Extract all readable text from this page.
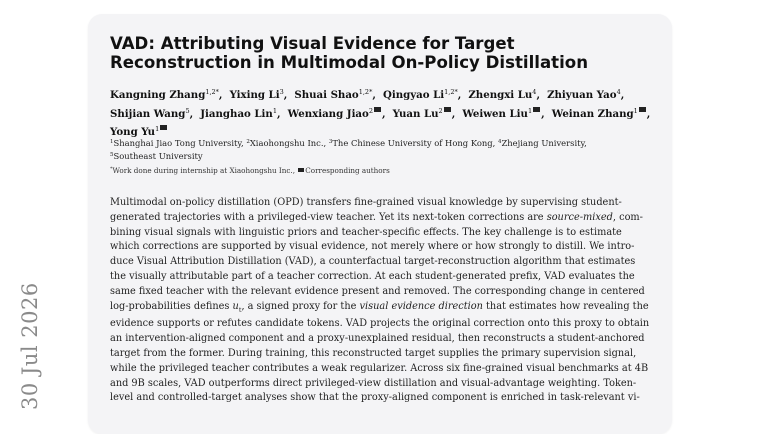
30 Jul 2026
VAD: Attributing Visual Evidence for Target
Reconstruction in Multimodal On-Policy Distillation
Kangning Zhang$^{1,2*}$,  Yixing Li$^3$,  Shuai Shao$^{1,2*}$,  Qingyao $Li^{1,2*}$,  Zhengxi Lu$^4$,  Zhiyuan Yao$^4$,
Shijian Wang$^5$,  Jianghao Lin$^1$,  Wenxiang Jiao$^2$ ,  Yuan Lu$^2$ ,  Weiwen Liu$^1$ ,  Weinan Zhang$^1$ ,
Yong Yu$^1$
$^1$Shanghai Jiao Tong University, $^2$Xiaohongshu Inc., $^3$The Chinese University of Hong Kong, $^4$Zhejiang University,
$^5$Southeast University
*Work done during internship at Xiaohongshu Inc., Corresponding authors
Multimodal on-policy distillation (OPD) transfers fine-grained visual knowledge by supervising student-
generated trajectories with a privileged-view teacher. Yet its next-token corrections are source-mixed, com-
bining visual signals with linguistic priors and teacher-specific effects. The key challenge is to estimate
which corrections are supported by visual evidence, not merely where or how strongly to distill. We intro-
duce Visual Attribution Distillation (VAD), a counterfactual target-reconstruction algorithm that estimates
the visually attributable part of a teacher correction. At each student-generated prefix, VAD evaluates the
same fixed teacher with the relevant evidence present and removed. The corresponding change in centered
log-probabilities defines $u_t$, a signed proxy for the visual evidence direction that estimates how revealing the
evidence supports or refutes candidate tokens. VAD projects the original correction onto this proxy to obtain
an intervention-aligned component and a proxy-unexplained residual, then reconstructs a student-anchored
target from the former. During training, this reconstructed target supplies the primary supervision signal,
while the privileged teacher contributes a weak regularizer. Across six fine-grained visual benchmarks at 4B
and 9B scales, VAD outperforms direct privileged-view distillation and visual-advantage weighting. Token-
level and controlled-target analyses show that the proxy-aligned component is enriched in task-relevant vi-
